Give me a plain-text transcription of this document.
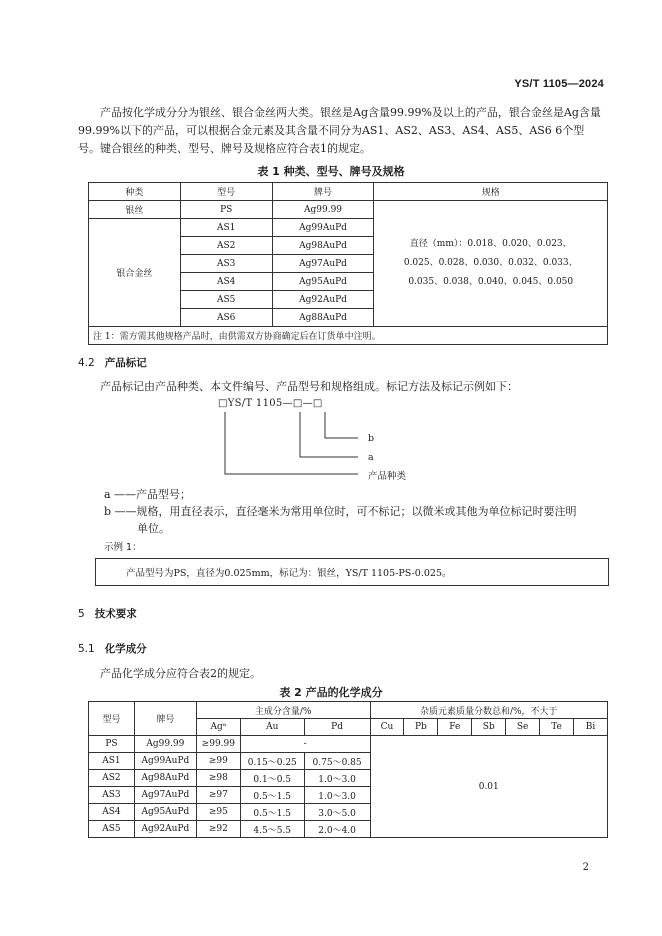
YS/T 1105—2024
产品按化学成分分为银丝、银合金丝两大类。银丝是Ag含量99.99%及以上的产品，银合金丝是Ag含量99.99%以下的产品，可以根据合金元素及其含量不同分为AS1、AS2、AS3、AS4、AS5、AS6 6个型号。键合银丝的种类、型号、牌号及规格应符合表1的规定。
表 1 种类、型号、牌号及规格
种类	型号	牌号	规格
银丝	PS	Ag99.99	直径（mm）：0.018、0.020、0.023、
0.025、0.028、0.030、0.032、0.033、
0.035、0.038、0.040、0.045、0.050

银合金丝	AS1	Ag99AuPd	
	AS2	Ag98AuPd	
	AS3	Ag97AuPd	
	AS4	Ag95AuPd	
	AS5	Ag92AuPd	
	AS6	Ag88AuPd	
注 1：需方需其他规格产品时，由供需双方协商确定后在订货单中注明。			
4.2 产品标记
产品标记由产品种类、本文件编号、产品型号和规格组成。标记方法及标记示例如下：
□YS/T 1105—□—□
b
a
产品种类
a ——产品型号；
b ——规格，用直径表示，直径毫米为常用单位时，可不标记；以微米或其他为单位标记时要注明
单位。
示例 1：
产品型号为PS，直径为0.025mm，标记为：银丝，YS/T 1105-PS-0.025。
5 技术要求
5.1 化学成分
产品化学成分应符合表2的规定。
表 2 产品的化学成分
型号	牌号	主成分含量/%			杂质元素质量分数总和/%，不大于						
		Agᵃ	Au	Pd	Cu	Pb	Fe	Sb	Se	Te	Bi
PS	Ag99.99	≥99.99	-		0.01						
AS1	Ag99AuPd	≥99	0.15～0.25	0.75～0.85							
AS2	Ag98AuPd	≥98	0.1～0.5	1.0～3.0							
AS3	Ag97AuPd	≥97	0.5～1.5	1.0～3.0							
AS4	Ag95AuPd	≥95	0.5～1.5	3.0～5.0							
AS5	Ag92AuPd	≥92	4.5～5.5	2.0～4.0							
2
